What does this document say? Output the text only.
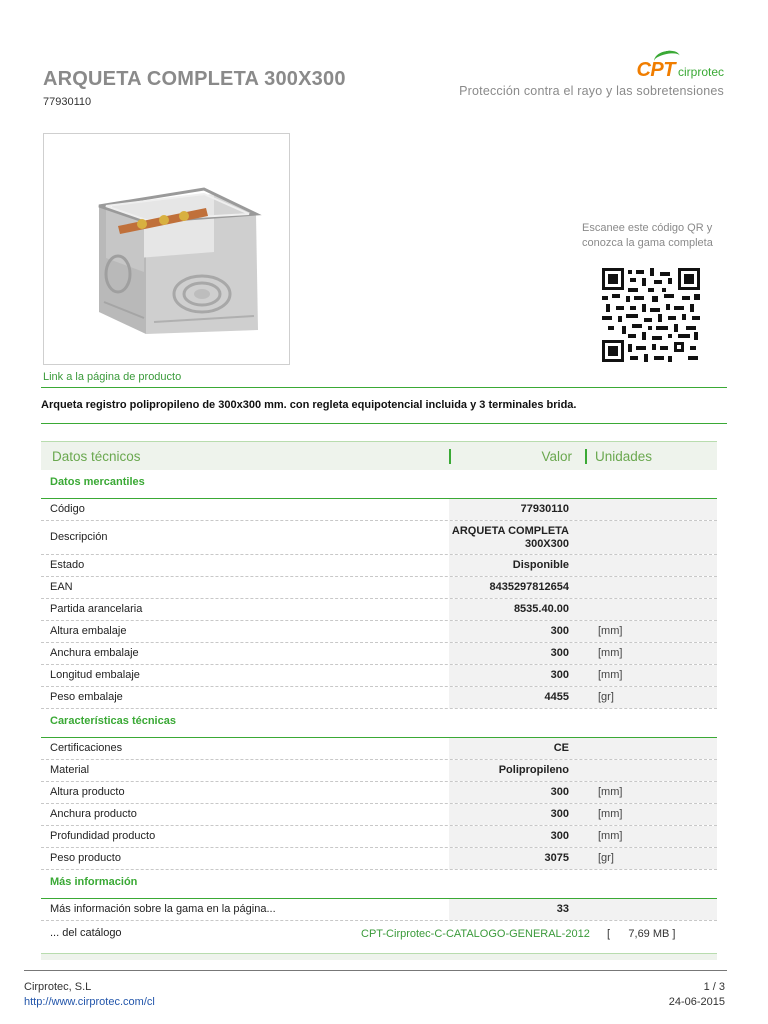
ARQUETA COMPLETA 300X300
77930110
CPT cirprotec
Protección contra el rayo y las sobretensiones
Link a la página de producto
Escanee este código QR y conozca la gama completa
Arqueta registro polipropileno de 300x300 mm. con regleta equipotencial incluida y 3 terminales brida.
Datos técnicos	Valor Unidades
Datos mercantiles
Código	77930110
Descripción	ARQUETA COMPLETA 300X300
Estado	Disponible
EAN	8435297812654
Partida arancelaria	8535.40.00
Altura embalaje	300	[mm]
Anchura embalaje	300	[mm]
Longitud embalaje	300	[mm]
Peso embalaje	4455	[gr]
Características técnicas
Certificaciones	CE
Material	Polipropileno
Altura producto	300	[mm]
Anchura producto	300	[mm]
Profundidad producto	300	[mm]
Peso producto	3075	[gr]
Más información
Más información sobre la gama en la página...	33
... del catálogo	CPT-Cirprotec-C-CATALOGO-GENERAL-2012 [      7,69 MB ]
Cirprotec, S.L
http://www.cirprotec.com/cl
1 / 3
24-06-2015
